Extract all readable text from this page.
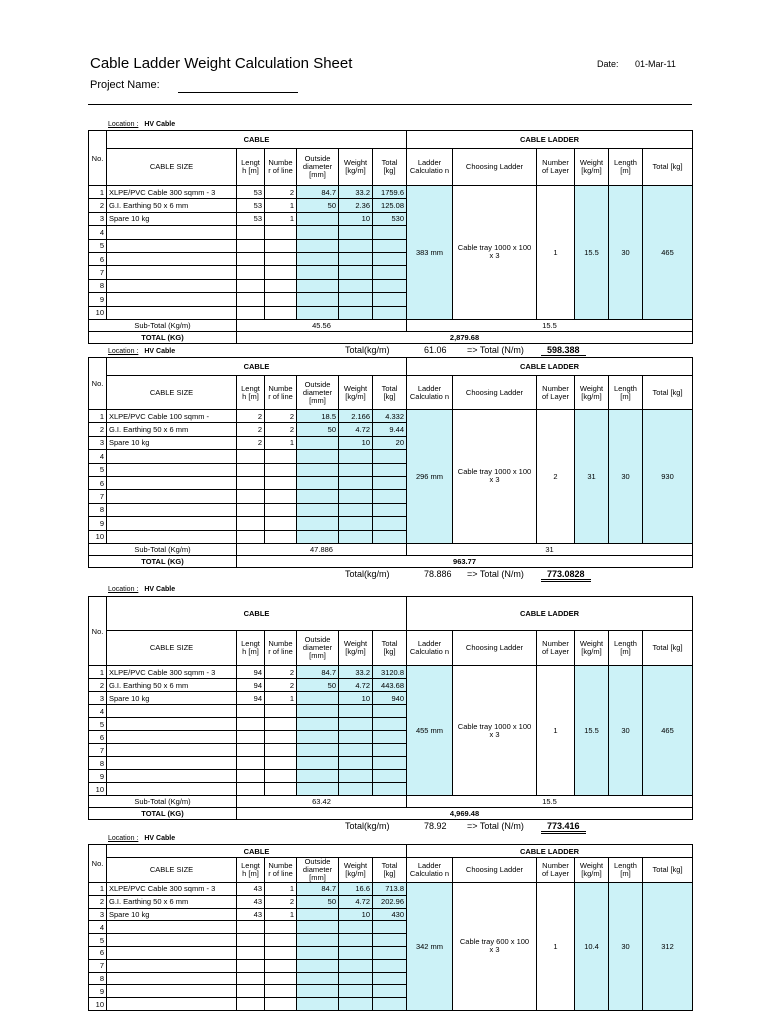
Cable Ladder Weight Calculation Sheet	Date: 01-Mar-11
Project Name:
Location : HV Cable
No.	CABLE						CABLE LADDER					
	CABLE SIZE	Lengt h [m]	Numbe r of line	Outside diameter [mm]	Weight [kg/m]	Total [kg]	Ladder Calculatio n	Choosing Ladder	Number of Layer	Weight [kg/m]	Length [m]	Total [kg]
1	XLPE/PVC Cable 300 sqmm - 3	53	2	84.7	33.2	1759.6	383 mm	Cable tray 1000 x 100 x 3	1	15.5	30	465
2	G.I. Earthing 50 x 6 mm	53	1	50	2.36	125.08						
3	Spare 10 kg	53	1		10	530						
4												
5												
6												
7												
8												
9												
10												
Sub-Total (Kg/m)		45.56					15.5					
TOTAL (KG)		2,879.68										
Total(kg/m)	61.06 => Total (N/m)	598.388
Location : HV Cable
No.	CABLE						CABLE LADDER					
	CABLE SIZE	Lengt h [m]	Numbe r of line	Outside diameter [mm]	Weight [kg/m]	Total [kg]	Ladder Calculatio n	Choosing Ladder	Number of Layer	Weight [kg/m]	Length [m]	Total [kg]
1	XLPE/PVC Cable 100 sqmm -	2	2	18.5	2.166	4.332	296 mm	Cable tray 1000 x 100 x 3	2	31	30	930
2	G.I. Earthing 50 x 6 mm	2	2	50	4.72	9.44						
3	Spare 10 kg	2	1		10	20						
4												
5												
6												
7												
8												
9												
10												
Sub-Total (Kg/m)		47.886					31					
TOTAL (KG)		963.77										
Total(kg/m)	78.886 => Total (N/m)	773.0828
Location : HV Cable
No.	CABLE						CABLE LADDER					
	CABLE SIZE	Lengt h [m]	Numbe r of line	Outside diameter [mm]	Weight [kg/m]	Total [kg]	Ladder Calculatio n	Choosing Ladder	Number of Layer	Weight [kg/m]	Length [m]	Total [kg]
1	XLPE/PVC Cable 300 sqmm - 3	94	2	84.7	33.2	3120.8	455 mm	Cable tray 1000 x 100 x 3	1	15.5	30	465
2	G.I. Earthing 50 x 6 mm	94	2	50	4.72	443.68						
3	Spare 10 kg	94	1		10	940						
4												
5												
6												
7												
8												
9												
10												
Sub-Total (Kg/m)		63.42					15.5					
TOTAL (KG)		4,969.48										
Total(kg/m)	78.92 => Total (N/m)	773.416
Location : HV Cable
No.	CABLE						CABLE LADDER					
	CABLE SIZE	Lengt h [m]	Numbe r of line	Outside diameter [mm]	Weight [kg/m]	Total [kg]	Ladder Calculatio n	Choosing Ladder	Number of Layer	Weight [kg/m]	Length [m]	Total [kg]
1	XLPE/PVC Cable 300 sqmm - 3	43	1	84.7	16.6	713.8	342 mm	Cable tray 600 x 100 x 3	1	10.4	30	312
2	G.I. Earthing 50 x 6 mm	43	2	50	4.72	202.96						
3	Spare 10 kg	43	1		10	430						
4												
5												
6												
7												
8												
9												
10												
